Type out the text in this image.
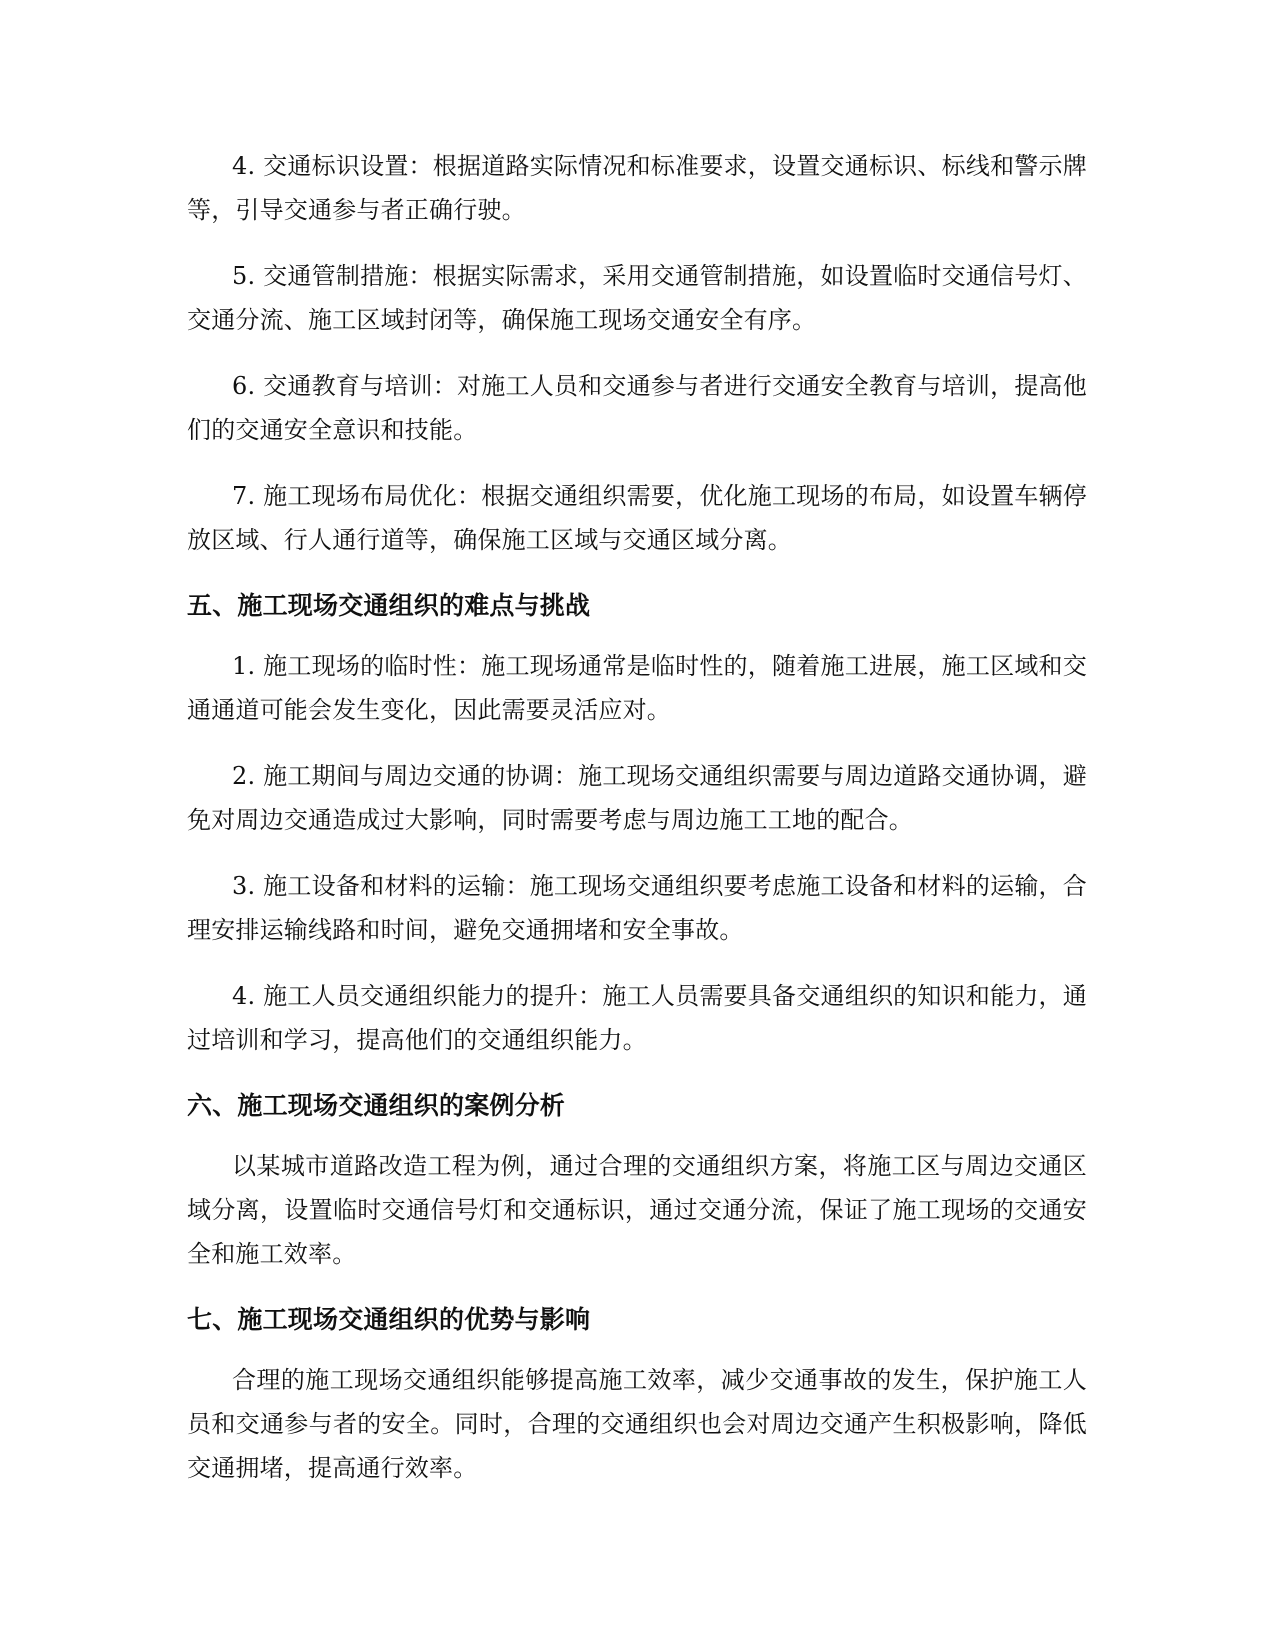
4. 交通标识设置：根据道路实际情况和标准要求，设置交通标识、标线和警示牌等，引导交通参与者正确行驶。

5. 交通管制措施：根据实际需求，采用交通管制措施，如设置临时交通信号灯、交通分流、施工区域封闭等，确保施工现场交通安全有序。

6. 交通教育与培训：对施工人员和交通参与者进行交通安全教育与培训，提高他们的交通安全意识和技能。

7. 施工现场布局优化：根据交通组织需要，优化施工现场的布局，如设置车辆停放区域、行人通行道等，确保施工区域与交通区域分离。

五、施工现场交通组织的难点与挑战

1. 施工现场的临时性：施工现场通常是临时性的，随着施工进展，施工区域和交通通道可能会发生变化，因此需要灵活应对。

2. 施工期间与周边交通的协调：施工现场交通组织需要与周边道路交通协调，避免对周边交通造成过大影响，同时需要考虑与周边施工工地的配合。

3. 施工设备和材料的运输：施工现场交通组织要考虑施工设备和材料的运输，合理安排运输线路和时间，避免交通拥堵和安全事故。

4. 施工人员交通组织能力的提升：施工人员需要具备交通组织的知识和能力，通过培训和学习，提高他们的交通组织能力。

六、施工现场交通组织的案例分析

以某城市道路改造工程为例，通过合理的交通组织方案，将施工区与周边交通区域分离，设置临时交通信号灯和交通标识，通过交通分流，保证了施工现场的交通安全和施工效率。

七、施工现场交通组织的优势与影响

合理的施工现场交通组织能够提高施工效率，减少交通事故的发生，保护施工人员和交通参与者的安全。同时，合理的交通组织也会对周边交通产生积极影响，降低交通拥堵，提高通行效率。
